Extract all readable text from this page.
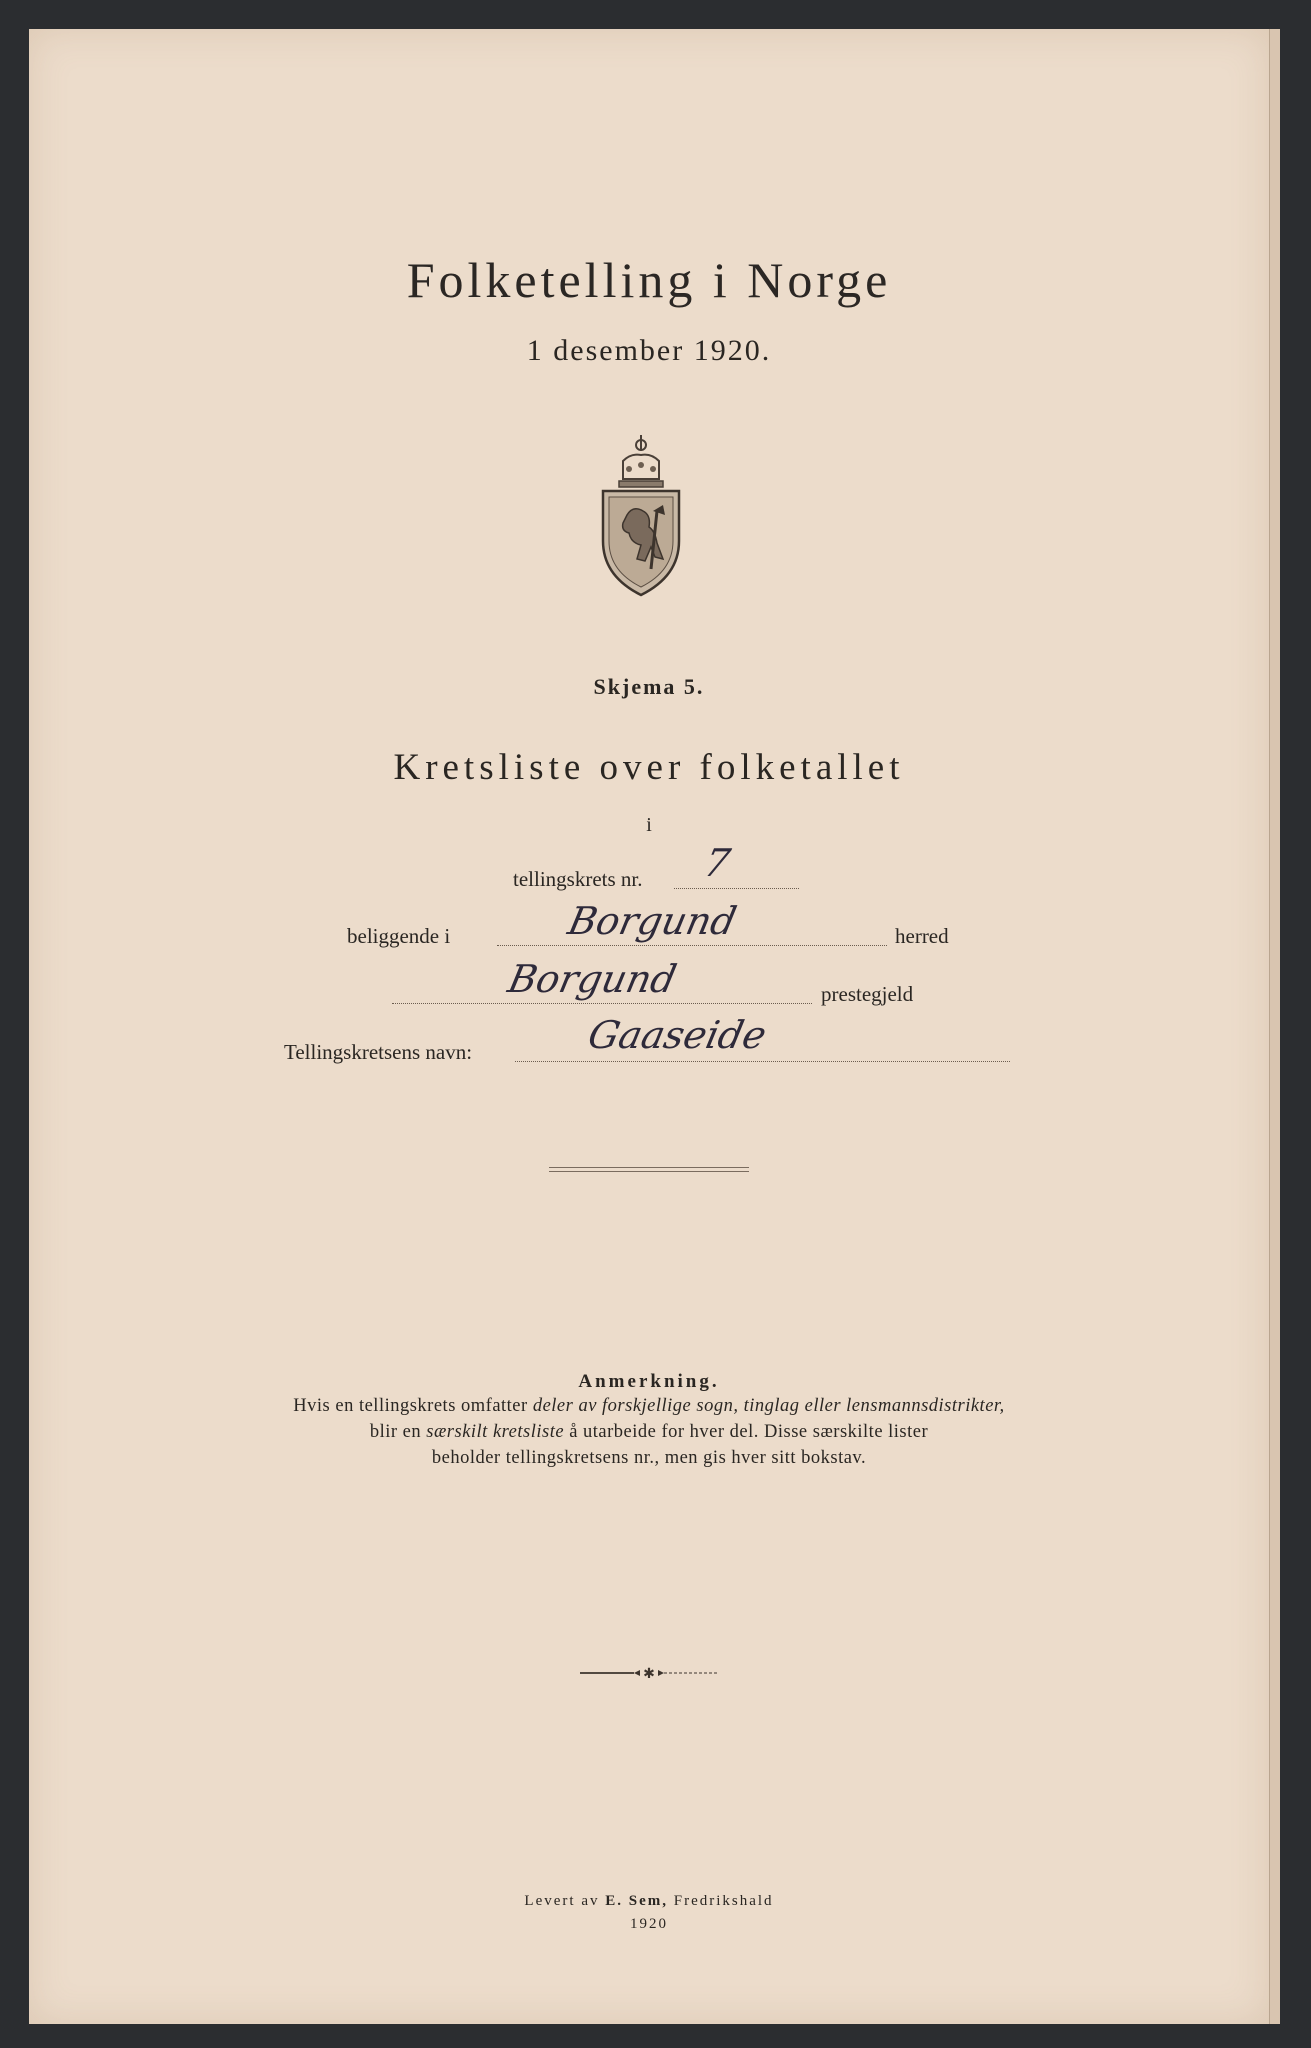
Folketelling i Norge
1 desember 1920.
Skjema 5.
Kretsliste over folketallet
i
tellingskrets nr. 7
beliggende i	Borgund	herred
Borgund	prestegjeld
Tellingskretsens navn:	Gaaseide
Anmerkning.
Hvis en tellingskrets omfatter deler av forskjellige sogn, tinglag eller lensmannsdistrikter,
blir en særskilt kretsliste å utarbeide for hver del. Disse særskilte lister
beholder tellingskretsens nr., men gis hver sitt bokstav.
✱
Levert av E. Sem, Fredrikshald
1920
